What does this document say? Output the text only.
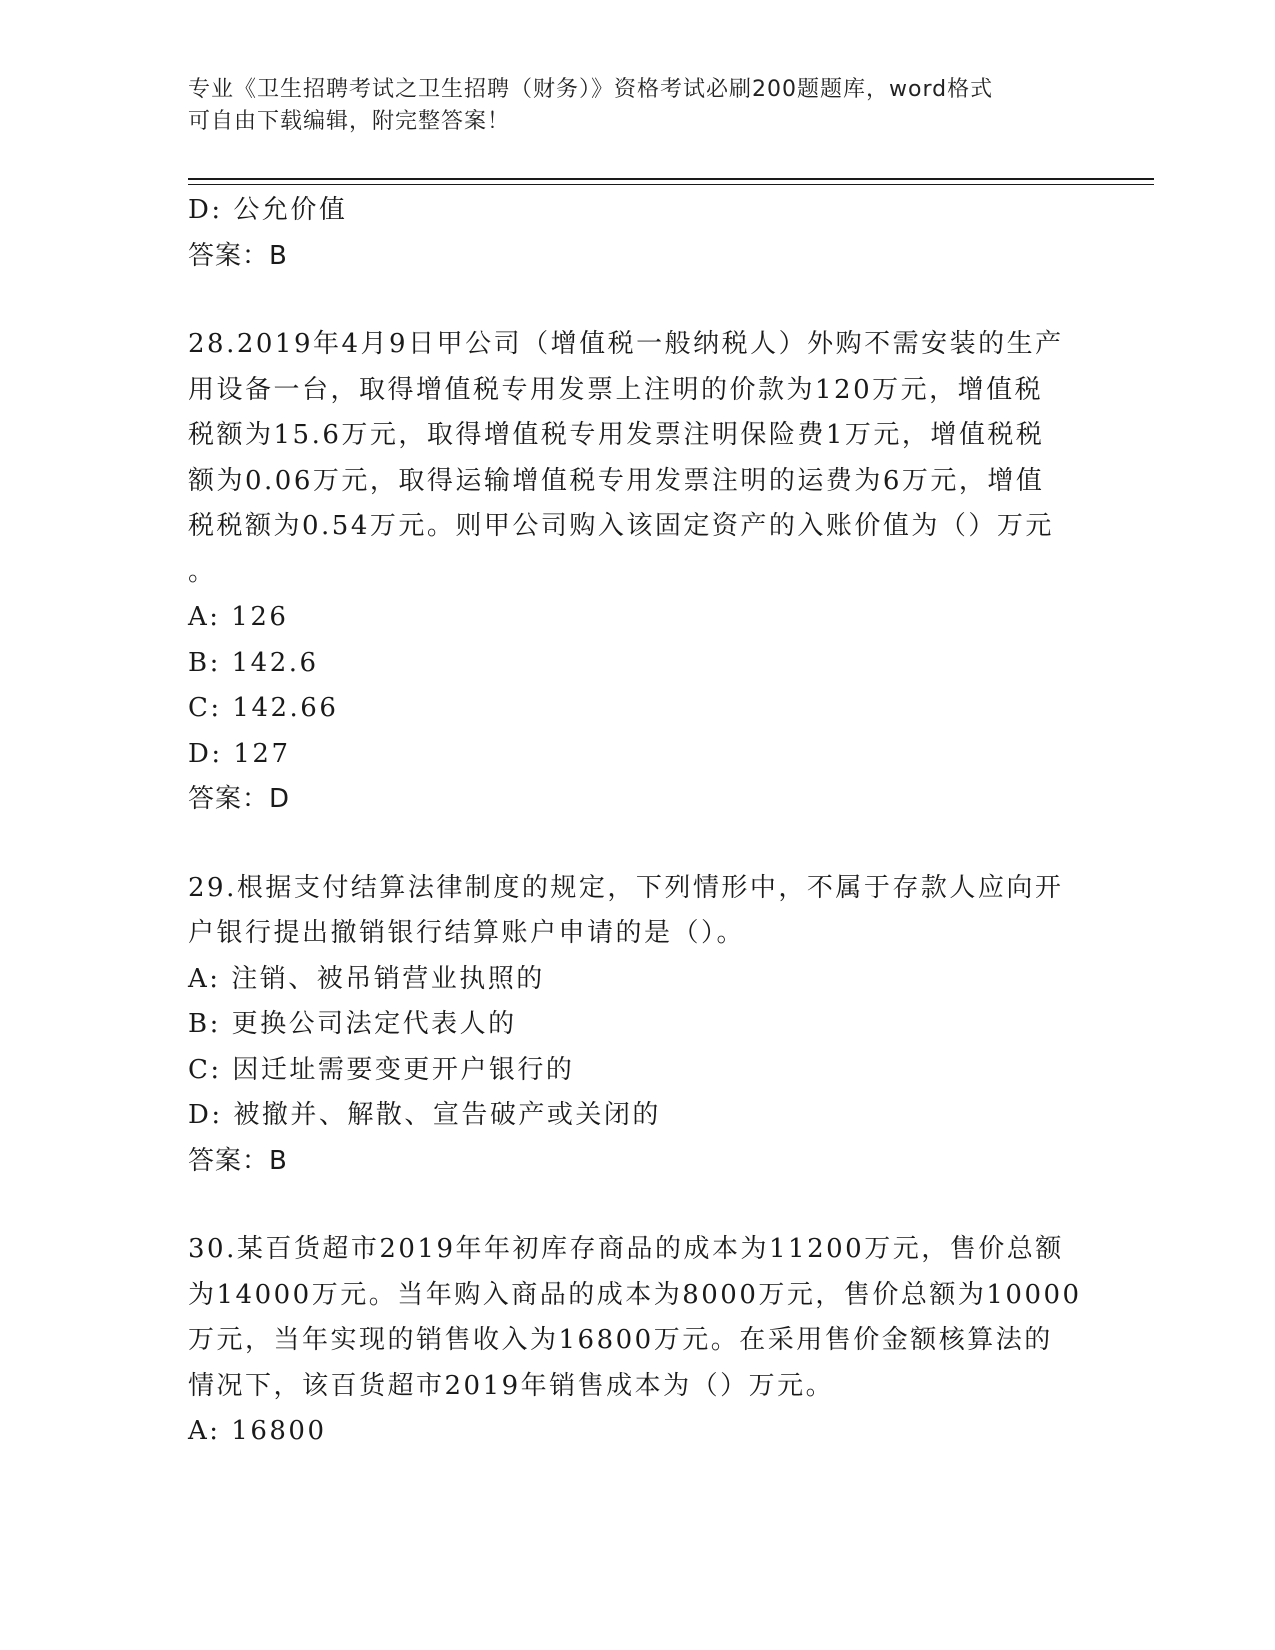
专业《卫生招聘考试之卫生招聘（财务）》资格考试必刷200题题库，word格式
可自由下载编辑，附完整答案！
D: 公允价值
答案：B
28.2019年4月9日甲公司（增值税一般纳税人）外购不需安装的生产
用设备一台，取得增值税专用发票上注明的价款为120万元，增值税
税额为15.6万元，取得增值税专用发票注明保险费1万元，增值税税
额为0.06万元，取得运输增值税专用发票注明的运费为6万元，增值
税税额为0.54万元。则甲公司购入该固定资产的入账价值为（）万元
。
A: 126
B: 142.6
C: 142.66
D: 127
答案：D
29.根据支付结算法律制度的规定，下列情形中，不属于存款人应向开
户银行提出撤销银行结算账户申请的是（）。
A: 注销、被吊销营业执照的
B: 更换公司法定代表人的
C: 因迁址需要变更开户银行的
D: 被撤并、解散、宣告破产或关闭的
答案：B
30.某百货超市2019年年初库存商品的成本为11200万元，售价总额
为14000万元。当年购入商品的成本为8000万元，售价总额为10000
万元，当年实现的销售收入为16800万元。在采用售价金额核算法的
情况下，该百货超市2019年销售成本为（）万元。
A: 16800
